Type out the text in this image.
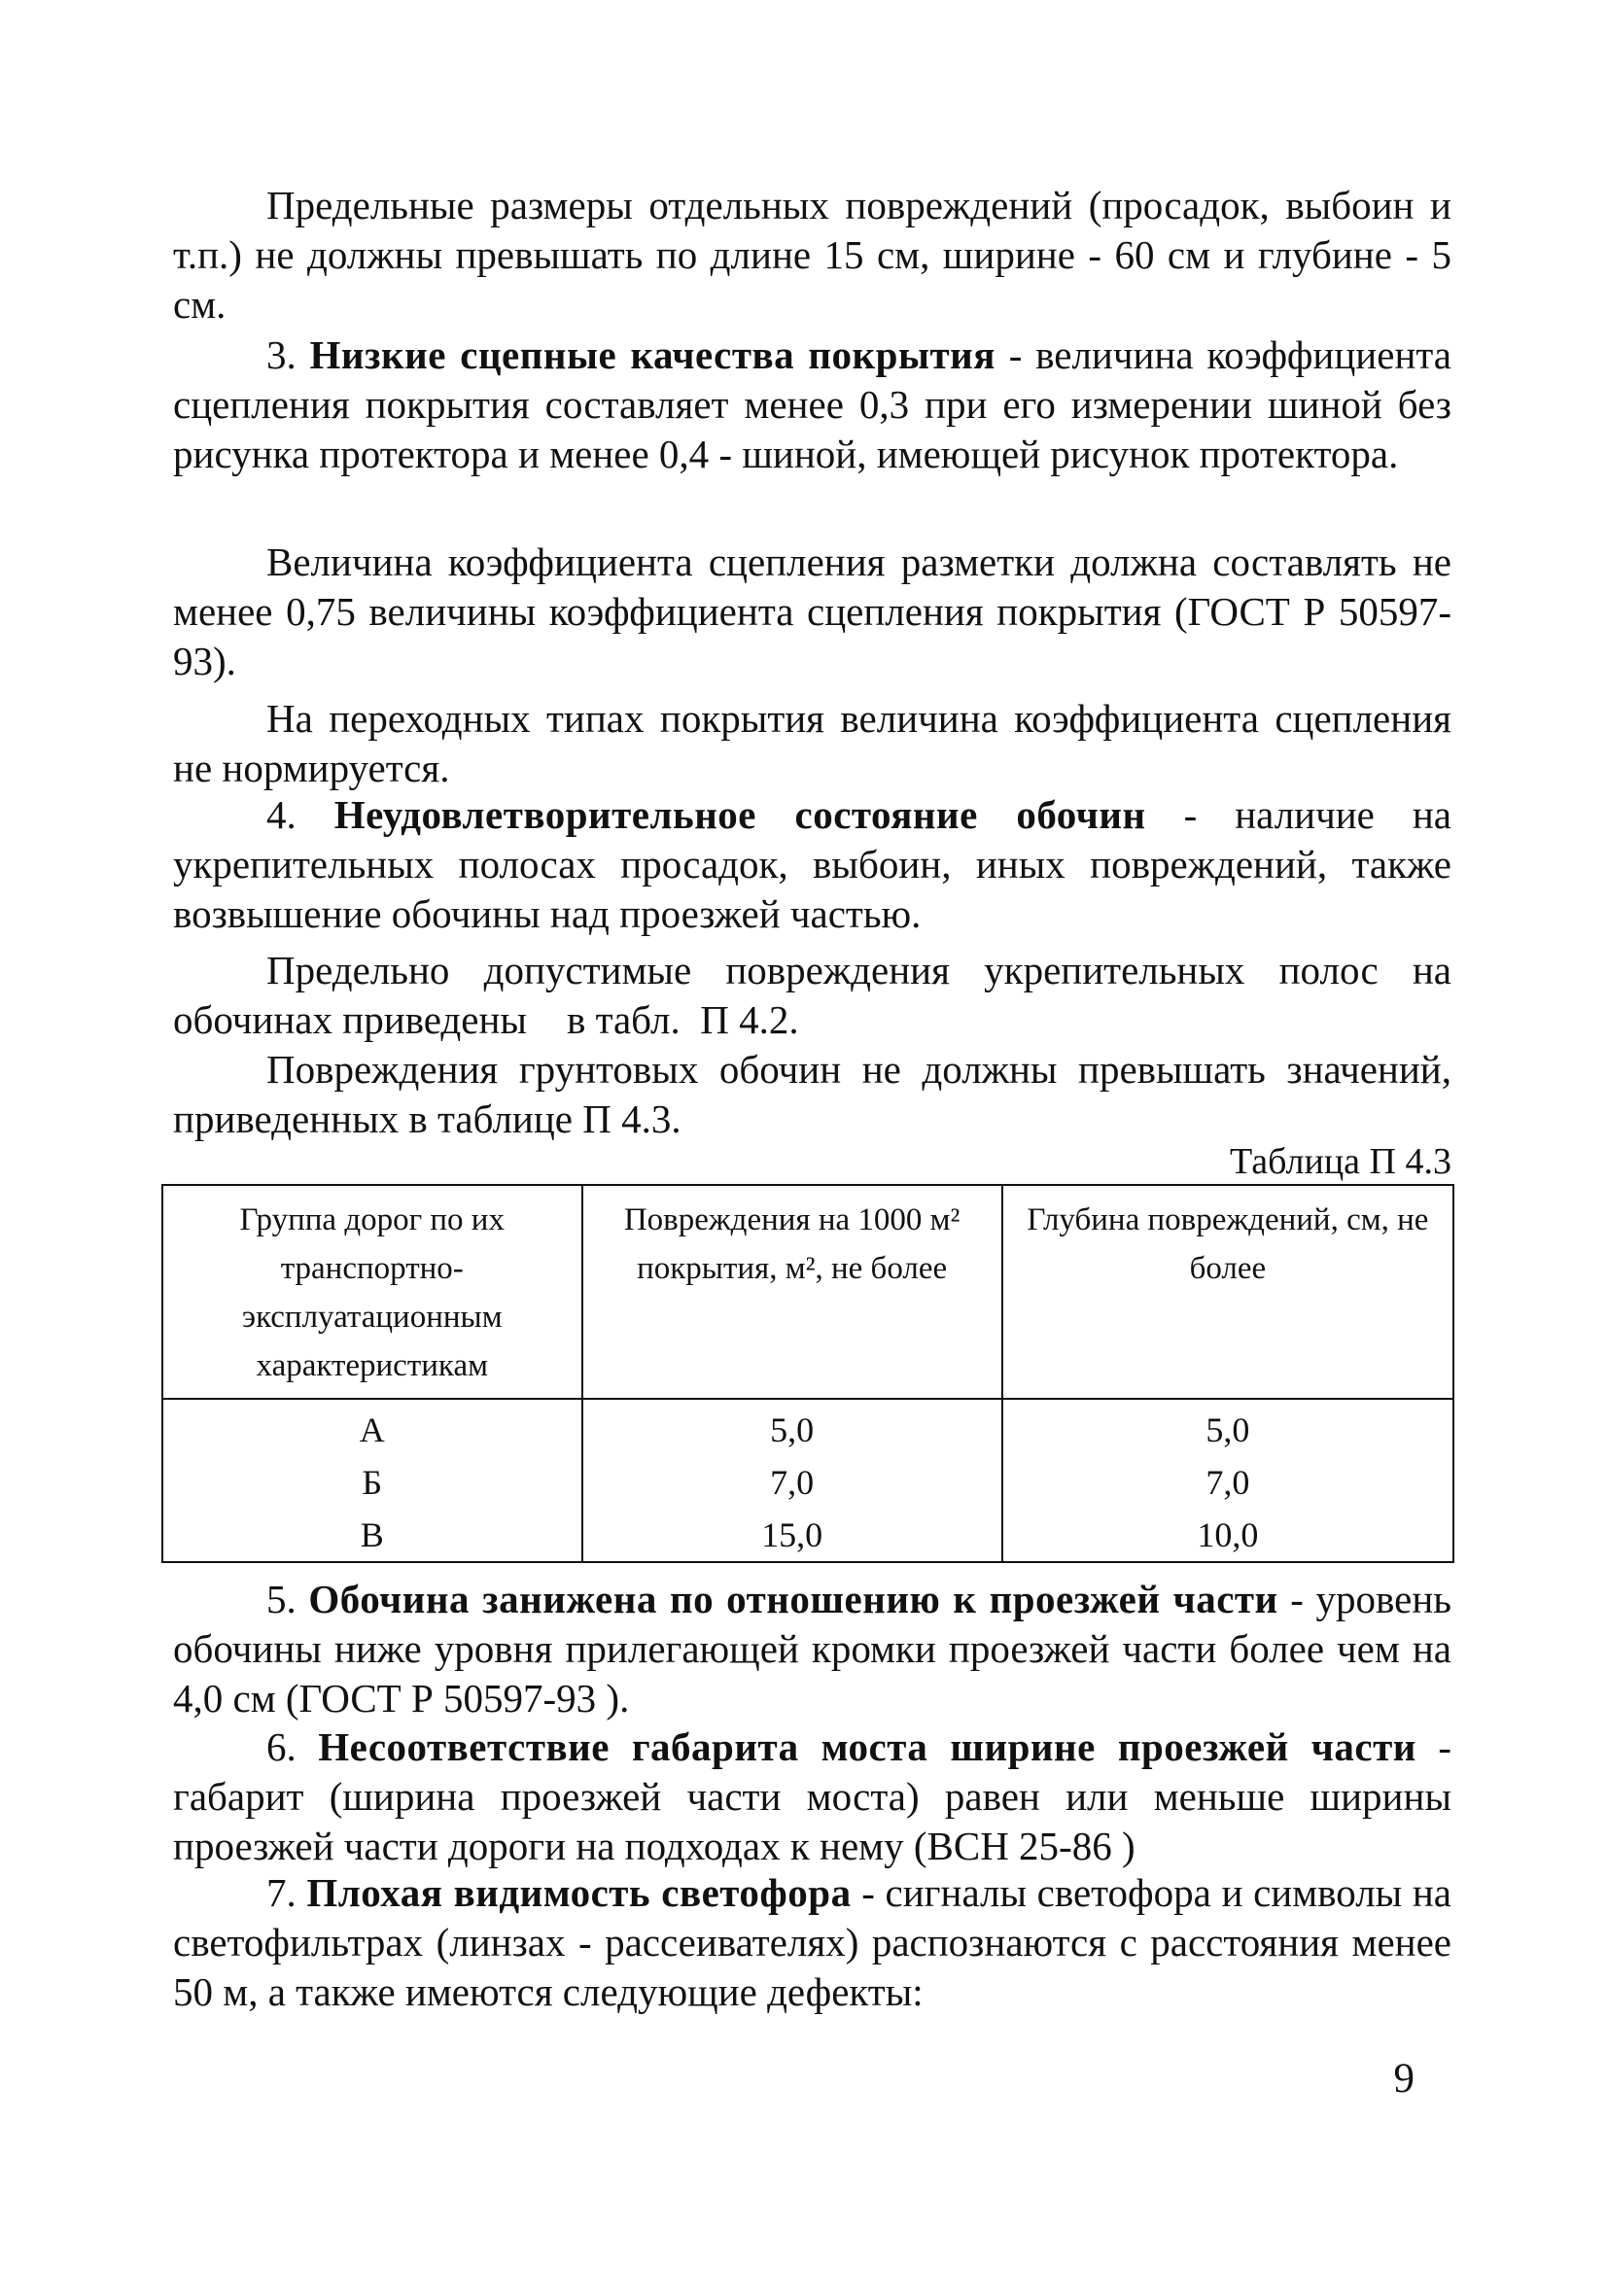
Предельные размеры отдельных повреждений (просадок, выбоин и т.п.) не должны превышать по длине 15 см, ширине - 60 см и глубине - 5 см.

3. Низкие сцепные качества покрытия - величина коэффициента сцепления покрытия составляет менее 0,3 при его измерении шиной без рисунка протектора и менее 0,4 - шиной, имеющей рисунок протектора.

Величина коэффициента сцепления разметки должна составлять не менее 0,75 величины коэффициента сцепления покрытия (ГОСТ Р 50597-93).

На переходных типах покрытия величина коэффициента сцепления не нормируется.

4. Неудовлетворительное состояние обочин - наличие на укрепительных полосах просадок, выбоин, иных повреждений, также возвышение обочины над проезжей частью.

Предельно допустимые повреждения укрепительных полос на обочинах приведены    в табл.  П 4.2.

Повреждения грунтовых обочин не должны превышать значений, приведенных в таблице П 4.3.

Таблица П 4.3
Группа дорог по их транспортно-эксплуатационным характеристикам	Повреждения на 1000 м² покрытия, м², не более	Глубина повреждений, см, не более
А	5,0	5,0
Б	7,0	7,0
В	15,0	10,0

5. Обочина занижена по отношению к проезжей части - уровень обочины ниже уровня прилегающей кромки проезжей части более чем на 4,0 см (ГОСТ Р 50597-93 ).

6. Несоответствие габарита моста ширине проезжей части - габарит (ширина проезжей части моста) равен или меньше ширины проезжей части дороги на подходах к нему (ВСН 25-86 )

7. Плохая видимость светофора - сигналы светофора и символы на светофильтрах (линзах - рассеивателях) распознаются с расстояния менее 50 м, а также имеются следующие дефекты:

9
